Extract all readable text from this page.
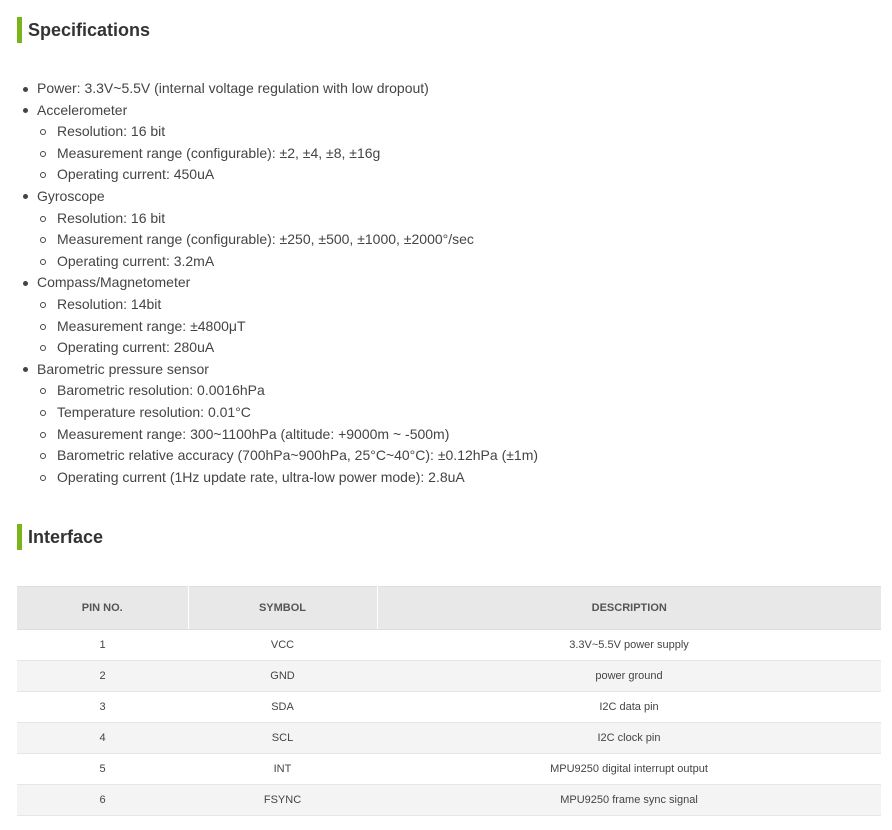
Specifications
Power: 3.3V~5.5V (internal voltage regulation with low dropout)
Accelerometer
Resolution: 16 bit
Measurement range (configurable): ±2, ±4, ±8, ±16g
Operating current: 450uA
Gyroscope
Resolution: 16 bit
Measurement range (configurable): ±250, ±500, ±1000, ±2000°/sec
Operating current: 3.2mA
Compass/Magnetometer
Resolution: 14bit
Measurement range: ±4800μT
Operating current: 280uA
Barometric pressure sensor
Barometric resolution: 0.0016hPa
Temperature resolution: 0.01°C
Measurement range: 300~1100hPa (altitude: +9000m ~ -500m)
Barometric relative accuracy (700hPa~900hPa, 25°C~40°C): ±0.12hPa (±1m)
Operating current (1Hz update rate, ultra-low power mode): 2.8uA
Interface
PIN NO.	SYMBOL	DESCRIPTION
1	VCC	3.3V~5.5V power supply
2	GND	power ground
3	SDA	I2C data pin
4	SCL	I2C clock pin
5	INT	MPU9250 digital interrupt output
6	FSYNC	MPU9250 frame sync signal
